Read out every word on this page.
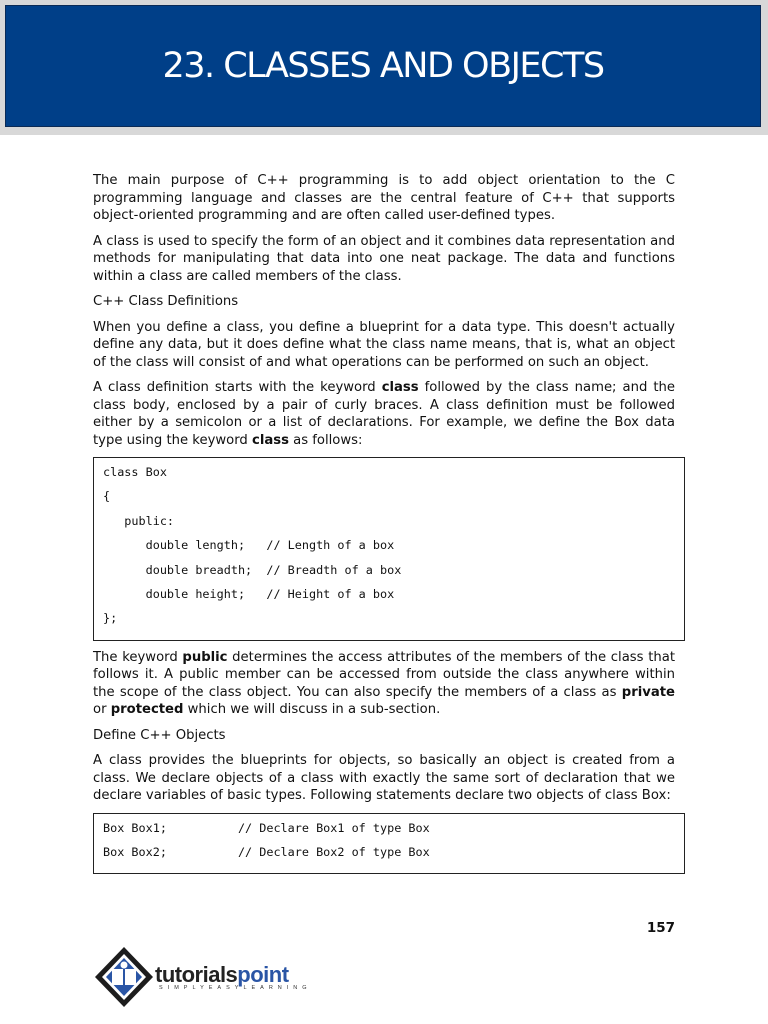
23. CLASSES AND OBJECTS

The main purpose of C++ programming is to add object orientation to the C programming language and classes are the central feature of C++ that supports object-oriented programming and are often called user-defined types.

A class is used to specify the form of an object and it combines data representation and methods for manipulating that data into one neat package. The data and functions within a class are called members of the class.

C++ Class Definitions

When you define a class, you define a blueprint for a data type. This doesn't actually define any data, but it does define what the class name means, that is, what an object of the class will consist of and what operations can be performed on such an object.

A class definition starts with the keyword class followed by the class name; and the class body, enclosed by a pair of curly braces. A class definition must be followed either by a semicolon or a list of declarations. For example, we define the Box data type using the keyword class as follows:

class Box
{
public:
double length;   // Length of a box
double breadth;  // Breadth of a box
double height;   // Height of a box
};

The keyword public determines the access attributes of the members of the class that follows it. A public member can be accessed from outside the class anywhere within the scope of the class object. You can also specify the members of a class as private or protected which we will discuss in a sub-section.

Define C++ Objects

A class provides the blueprints for objects, so basically an object is created from a class. We declare objects of a class with exactly the same sort of declaration that we declare variables of basic types. Following statements declare two objects of class Box:

Box Box1;          // Declare Box1 of type Box
Box Box2;          // Declare Box2 of type Box
157
tutorialspoint
SIMPLYEASYLEARNING
